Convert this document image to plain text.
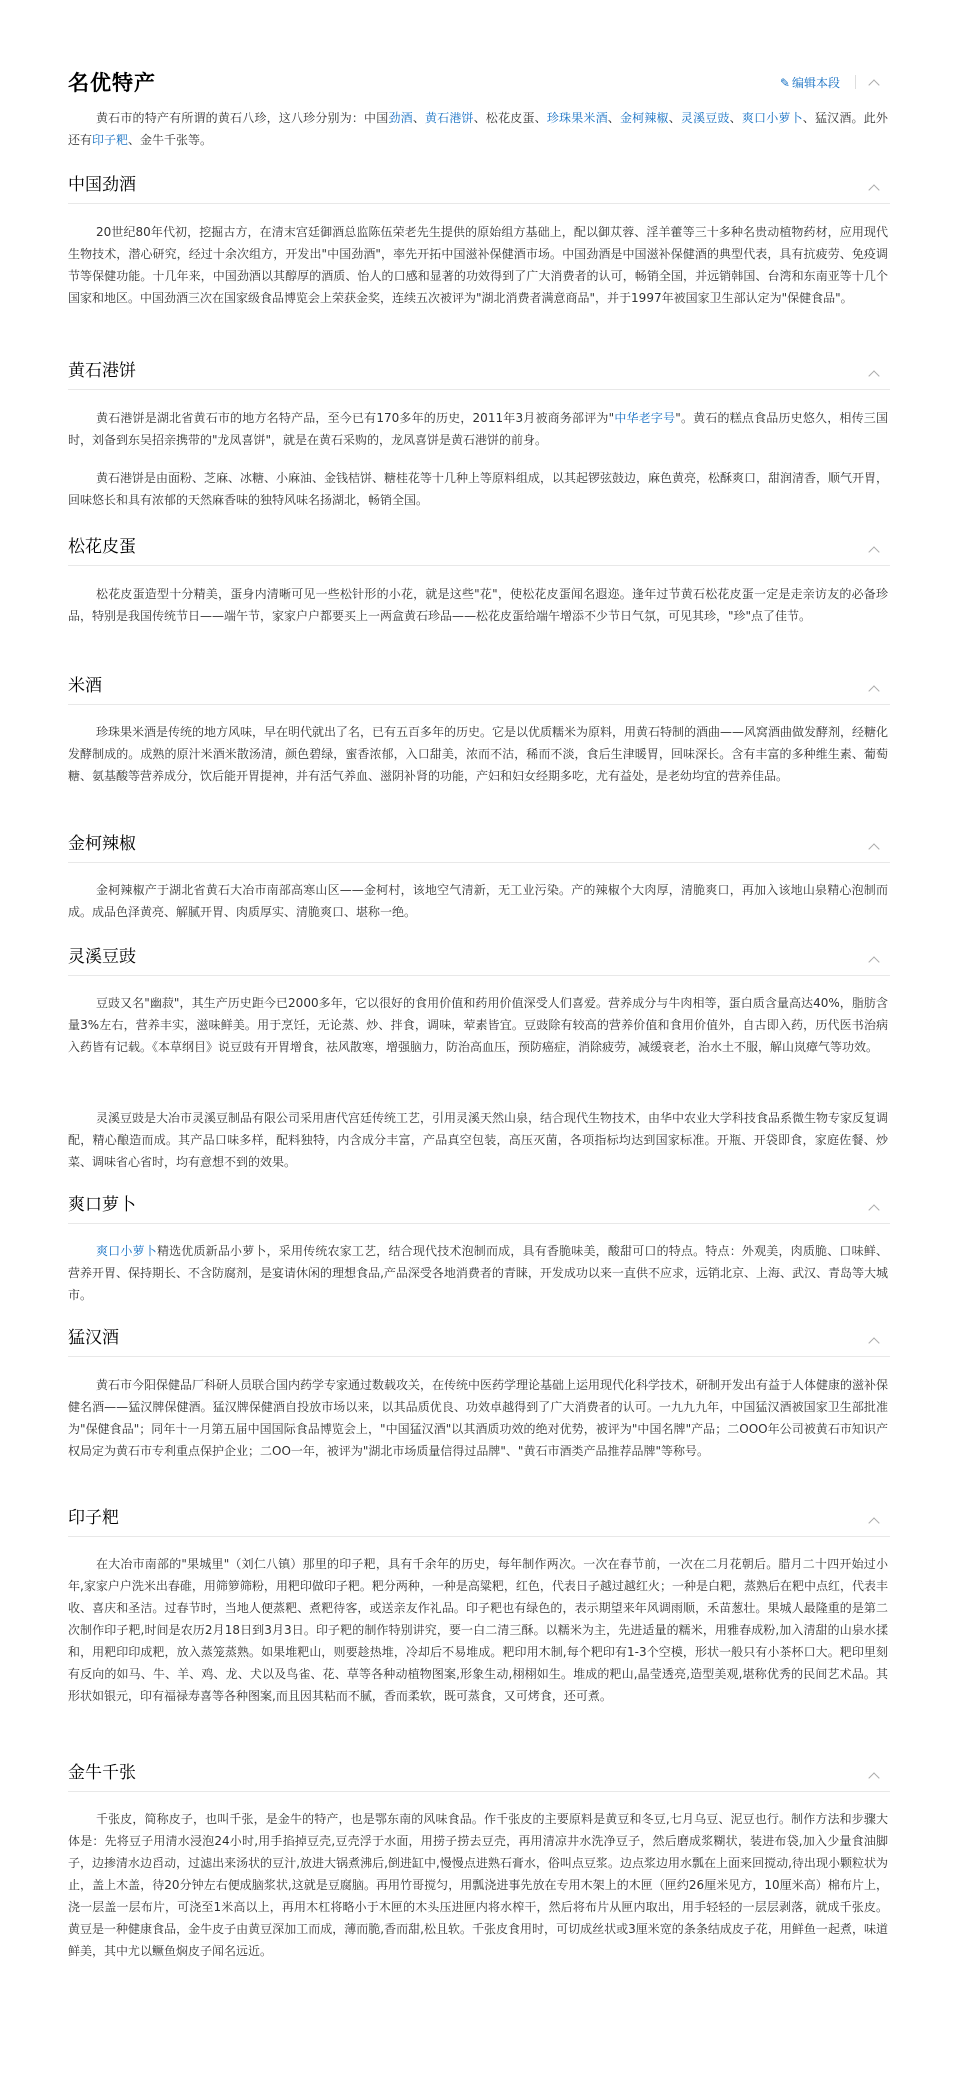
名优特产	✎ 编辑本段

黄石市的特产有所谓的黄石八珍，这八珍分别为：中国劲酒、黄石港饼、松花皮蛋、珍珠果米酒、金柯辣椒、灵溪豆豉、爽口小萝卜、猛汉酒。此外还有印子粑、金牛千张等。

中国劲酒

20世纪80年代初，挖掘古方，在清末宫廷御酒总监陈伍荣老先生提供的原始组方基础上，配以御苁蓉、淫羊藿等三十多种名贵动植物药材，应用现代生物技术，潜心研究，经过十余次组方，开发出"中国劲酒"，率先开拓中国滋补保健酒市场。中国劲酒是中国滋补保健酒的典型代表，具有抗疲劳、免疫调节等保健功能。十几年来，中国劲酒以其醇厚的酒质、怡人的口感和显著的功效得到了广大消费者的认可，畅销全国，并远销韩国、台湾和东南亚等十几个国家和地区。中国劲酒三次在国家级食品博览会上荣获金奖，连续五次被评为"湖北消费者满意商品"，并于1997年被国家卫生部认定为"保健食品"。

黄石港饼

黄石港饼是湖北省黄石市的地方名特产品，至今已有170多年的历史，2011年3月被商务部评为"中华老字号"。黄石的糕点食品历史悠久，相传三国时，刘备到东吴招亲携带的"龙凤喜饼"，就是在黄石采购的，龙凤喜饼是黄石港饼的前身。

黄石港饼是由面粉、芝麻、冰糖、小麻油、金钱桔饼、糖桂花等十几种上等原料组成，以其起锣弦鼓边，麻色黄亮，松酥爽口，甜润清香，顺气开胃，回味悠长和具有浓郁的天然麻香味的独特风味名扬湖北，畅销全国。

松花皮蛋

松花皮蛋造型十分精美，蛋身内清晰可见一些松针形的小花，就是这些"花"，使松花皮蛋闻名遐迩。逢年过节黄石松花皮蛋一定是走亲访友的必备珍品，特别是我国传统节日——端午节，家家户户都要买上一两盒黄石珍品——松花皮蛋给端午增添不少节日气氛，可见其珍，"珍"点了佳节。

米酒

珍珠果米酒是传统的地方风味，早在明代就出了名，已有五百多年的历史。它是以优质糯米为原料，用黄石特制的酒曲——风窝酒曲做发酵剂，经糖化发酵制成的。成熟的原汁米酒米散汤清，颜色碧绿，蜜香浓郁，入口甜美，浓而不沽，稀而不淡，食后生津暖胃，回味深长。含有丰富的多种维生素、葡萄糖、氨基酸等营养成分，饮后能开胃提神，并有活气养血、滋阴补肾的功能，产妇和妇女经期多吃，尤有益处，是老幼均宜的营养佳品。

金柯辣椒

金柯辣椒产于湖北省黄石大冶市南部高寒山区——金柯村，该地空气清新，无工业污染。产的辣椒个大肉厚，清脆爽口，再加入该地山泉精心泡制而成。成品色泽黄亮、解腻开胃、肉质厚实、清脆爽口、堪称一绝。

灵溪豆豉

豆豉又名"幽菽"，其生产历史距今已2000多年，它以很好的食用价值和药用价值深受人们喜爱。营养成分与牛肉相等，蛋白质含量高达40%，脂肪含量3%左右，营养丰实，滋味鲜美。用于烹饪，无论蒸、炒、拌食，调味，荤素皆宜。豆豉除有较高的营养价值和食用价值外，自古即入药，历代医书治病入药皆有记载。《本草纲目》说豆豉有开胃增食，祛风散寒，增强脑力，防治高血压，预防癌症，消除疲劳，减缓衰老，治水土不服，解山岚瘴气等功效。

灵溪豆豉是大冶市灵溪豆制品有限公司采用唐代宫廷传统工艺，引用灵溪天然山泉，结合现代生物技术，由华中农业大学科技食品系微生物专家反复调配，精心酿造而成。其产品口味多样，配料独特，内含成分丰富，产品真空包装，高压灭菌，各项指标均达到国家标准。开瓶、开袋即食，家庭佐餐、炒菜、调味省心省时，均有意想不到的效果。

爽口萝卜

爽口小萝卜精选优质新品小萝卜，采用传统农家工艺，结合现代技术泡制而成，具有香脆味美，酸甜可口的特点。特点：外观美，肉质脆、口味鲜、营养开胃、保持期长、不含防腐剂，是宴请休闲的理想食品,产品深受各地消费者的青睐，开发成功以来一直供不应求，远销北京、上海、武汉、青岛等大城市。

猛汉酒

黄石市今阳保健品厂科研人员联合国内药学专家通过数载攻关，在传统中医药学理论基础上运用现代化科学技术，研制开发出有益于人体健康的滋补保健名酒——猛汉牌保健酒。猛汉牌保健酒自投放市场以来，以其品质优良、功效卓越得到了广大消费者的认可。一九九九年，中国猛汉酒被国家卫生部批准为"保健食品"；同年十一月第五届中国国际食品博览会上，"中国猛汉酒"以其酒质功效的绝对优势，被评为"中国名牌"产品；二OOO年公司被黄石市知识产权局定为黄石市专利重点保护企业；二OO一年，被评为"湖北市场质量信得过品牌"、"黄石市酒类产品推荐品牌"等称号。

印子粑

在大冶市南部的"果城里"（刘仁八镇）那里的印子粑，具有千余年的历史，每年制作两次。一次在春节前，一次在二月花朝后。腊月二十四开始过小年,家家户户洗米出春碓，用筛箩筛粉，用粑印做印子粑。粑分两种，一种是高粱粑，红色，代表日子越过越红火；一种是白粑，蒸熟后在粑中点红，代表丰收、喜庆和圣洁。过春节时，当地人便蒸粑、煮粑待客，或送亲友作礼品。印子粑也有绿色的，表示期望来年风调雨顺，禾苗葱壮。果城人最隆重的是第二次制作印子粑,时间是农历2月18日到3月3日。印子粑的制作特别讲究，要一白二清三酥。以糯米为主，先进适量的糯米，用雅春成粉,加入清甜的山泉水揉和，用粑印印成粑，放入蒸笼蒸熟。如果堆粑山，则要趁热堆，冷却后不易堆成。粑印用木制,每个粑印有1-3个空模，形状一般只有小茶杯口大。粑印里刻有反向的如马、牛、羊、鸡、龙、犬以及鸟雀、花、草等各种动植物图案,形象生动,栩栩如生。堆成的粑山,晶莹透亮,造型美观,堪称优秀的民间艺术品。其形状如银元，印有福禄寿喜等各种图案,而且因其粘而不腻，香而柔软，既可蒸食，又可烤食，还可煮。

金牛千张

千张皮，简称皮子，也叫千张，是金牛的特产，也是鄂东南的风味食品。作千张皮的主要原料是黄豆和冬豆,七月乌豆、泥豆也行。制作方法和步骤大体是：先将豆子用清水浸泡24小时,用手掐掉豆壳,豆壳浮于水面，用捞子捞去豆壳，再用清凉井水洗净豆子，然后磨成浆糊状，装进布袋,加入少量食油脚子，边掺清水边舀动，过滤出来汤状的豆汁,放进大锅煮沸后,倒进缸中,慢慢点进熟石膏水，俗叫点豆浆。边点浆边用水瓢在上面来回搅动,待出现小颗粒状为止，盖上木盖，待20分钟左右便成脑浆状,这就是豆腐脑。再用竹哥搅匀，用瓢浇进事先放在专用木架上的木匣（匣约26厘米见方，10厘米高）棉布片上，浇一层盖一层布片，可浇至1米高以上，再用木杠将略小于木匣的木头压进匣内将水榨干，然后将布片从匣内取出，用手轻轻的一层层剥落，就成千张皮。黄豆是一种健康食品，金牛皮子由黄豆深加工而成，薄而脆,香而甜,松且软。千张皮食用时，可切成丝状或3厘米宽的条条结成皮子花，用鲜鱼一起煮，味道鲜美，其中尤以鳜鱼焖皮子闻名远近。
